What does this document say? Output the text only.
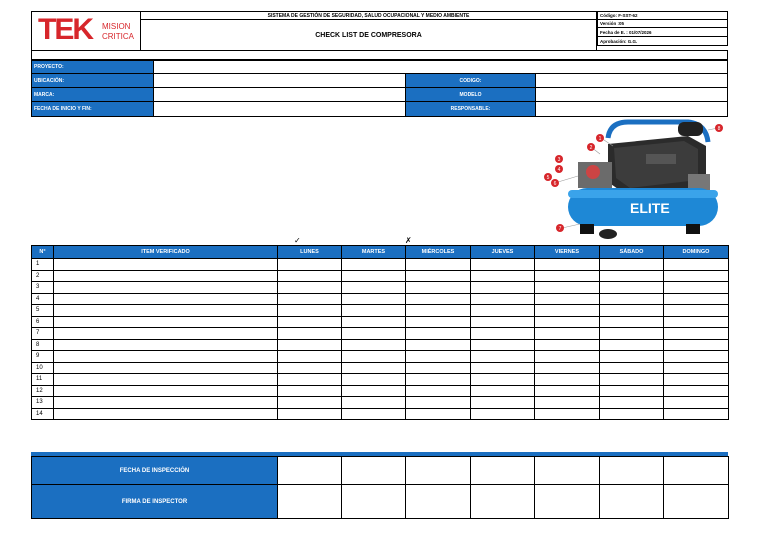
TEK MISION
CRITICA
SISTEMA DE GESTIÓN DE SEGURIDAD, SALUD OCUPACIONAL Y MEDIO AMBIENTE
CHECK LIST DE COMPRESORA
Código: F-SST-62
Versión :05
Fecha de E. : 01/07/2026
Aprobación: G.G.
PROYECTO:
UBICACIÓN:	CODIGO:
MARCA:	MODELO
FECHA DE INICIO Y FIN:	RESPONSABLE:
ELITE
1
2
3
4
5
6
7
8
✓	✗
N°	ITEM VERIFICADO	LUNES	MARTES	MIÉRCOLES	JUEVES	VIERNES	SÁBADO	DOMINGO
1								
2								
3								
4								
5								
6								
7								
8								
9								
10								
11								
12								
13								
14								
FECHA DE INSPECCIÓN							
FIRMA DE INSPECTOR							
